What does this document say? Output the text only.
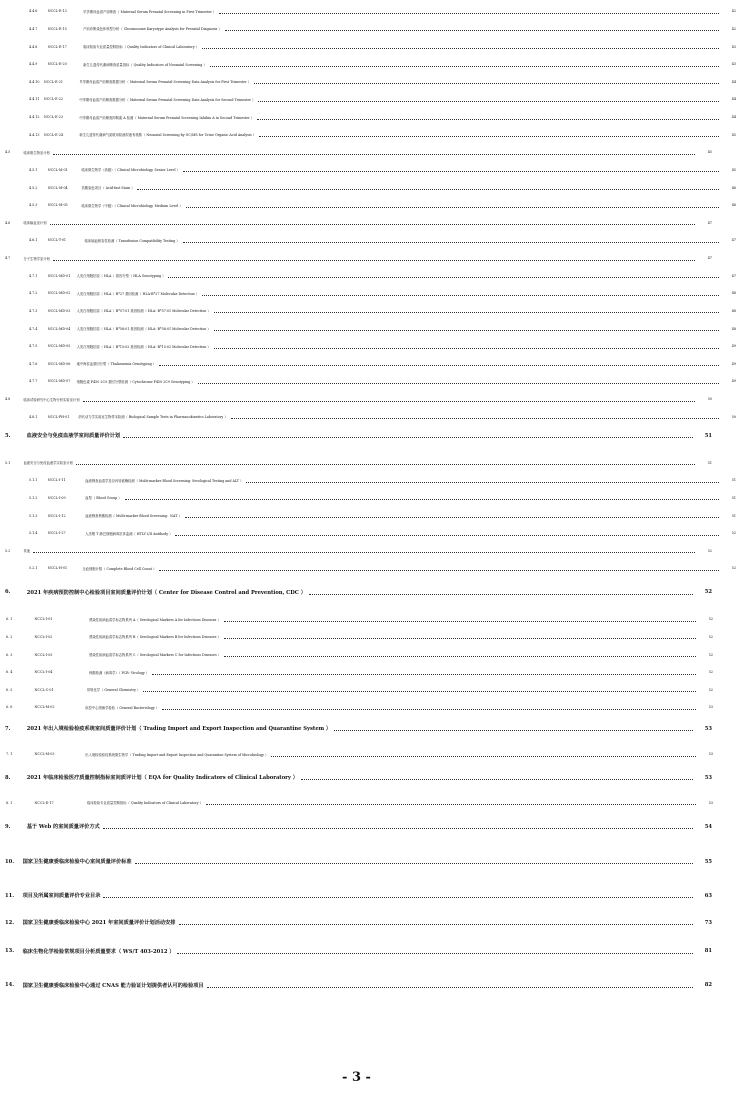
4.4.6	NCCL-E-13	早孕期母血清产前筛查（ Maternal Serum Prenatal Screening in First Trimester ）	42
4.4.7	NCCL-E-15	产前诊断染色体核型分析（ Chromosome Karyotype Analysis for Prenatal Diagnosis ）	42
4.4.8	NCCL-E-17	临床检验专业质量控制指标（ Quality Indicators of Clinical Laboratory ）	43
4.4.9	NCCL-E-20	新生儿遗传代谢病筛查质量指标（ Quality Indicators of Neonatal Screening ）	43
4.4.10 NCCL-E-21	早孕期母血清产前筛查数据分析（ Maternal Serum Prenatal Screening Data Analysis for First Trimester ）	44
4.4.11 NCCL-E-22	中孕期母血清产前筛查数据分析（ Maternal Serum Prenatal Screening Data Analysis for Second Trimester ）	44
4.4.12 NCCL-E-23	中孕期母血清产前筛查抑制素 A 检测（ Maternal Serum Prenatal Screening Inhibin A in Second Trimester ）	44
4.4.13 NCCL-E-24	新生儿遗传代谢病气质联用检测尿液有机酸（ Neonatal Screening by GC/MS for Urine Organic Acid Analysis ）	45
4.5	临床微生物室计划	45
4.5.1	NCCL-M-01	临床微生物学（高级）（ Clinical Microbiology, Senior Level ）	45
4.5.2	NCCL-M-04	抗酸染色项目（ Acid-fast Stain ）	46
4.5.3	NCCL-M-05	临床微生物学（中级）（ Clinical Microbiology, Medium Level ）	46
4.6	临床输血室计划	47
4.6.1	NCCL-T-01	临床输血相容性检测（ Transfusion Compatibility Testing ）	47
4.7	分子生物学室计划	47
4.7.1	NCCL-MD-01 人类白细胞抗原（ HLA ）基因分型（ HLA Genotyping ）	47
4.7.2	NCCL-MD-02 人类白细胞抗原（ HLA ）B*27 基因检测（ HLA-B*27 Molecular Detection ）	48
4.7.3	NCCL-MD-03 人类白细胞抗原（ HLA ）B*57:01 基因检测（ HLA- B*57:01 Molecular Detection ）	48
4.7.4	NCCL-MD-04 人类白细胞抗原（ HLA ）B*58:01 基因检测（ HLA- B*58:01 Molecular Detection ）	48
4.7.5	NCCL-MD-05 人类白细胞抗原（ HLA ）B*15:02 基因检测（ HLA- B*15:02 Molecular Detection ）	49
4.7.6	NCCL-MD-06 地中海贫血基因分型（ Thalassemia Genotyping ）	49
4.7.7	NCCL-MD-07 细胞色素 P450 2C9 基因分型检测（ Cytochrome P450 2C9 Genotyping ）	49
4.8	临床试验研究中心生物分析实验室计划	50
4.8.1	NCCL-PH-01	药代动力学实验室生物样本检测（ Biological Sample Tests in Pharmacokinetics Laboratory ）	50
5.	血液安全与免疫血液学室间质量评价计划	51
5.1	血液安全与免疫血液学实验室计划	51
5.1.1	NCCL-I-11	血液筛查血清学及谷丙转氨酶检测（ Multi-marker Blood Screening: Serological Testing and ALT ）	51
5.1.2	NCCL-I-09	血型（ Blood Group ）	51
5.1.3	NCCL-I-12	血液筛查核酸检测（ Multi-marker Blood Screening：NAT ）	51
5.1.4	NCCL-I-27	人类嗜 T 淋巴细胞病毒抗体监测（ HTLV I/II Antibody ）	52
5.2	其他	52
5.2.1	NCCL-H-01	全血细胞计数（ Complete Blood Cell Count ）	52
6.	2021 年疾病预防控制中心检验项目室间质量评价计划（ Center for Disease Control and Prevention, CDC ）	52
6. 1	NCCL-I-01	感染性疾病血清学标志物系列 A（ Serological Markers A for Infectious Diseases ）	52
6. 2	NCCL-I-02	感染性疾病血清学标志物系列 B（ Serological Markers B for Infectious Diseases ）	52
6. 3	NCCL-I-03	感染性疾病血清学标志物系列 C（ Serological Markers C for Infectious Diseases ）	52
6. 4	NCCL-I-04	核酸检测（病毒学）（ PCR- Virology ）	52
6. 5	NCCL-C-01	常规化学（ General Chemistry ）	52
6. 6	NCCL-M-02	疾控中心细菌学检验（ General Bacteriology ）	53
7.	2021 年出入境检验检疫系统室间质量评价计划（ Trading Import and Export Inspection and Quarantine System ）	53
7. 1	NCCL-M-03	出入境检验检疫系统微生物学（ Trading Import and Export Inspection and Quarantine System of Microbiology ）	53
8.	2021 年临床检验医疗质量控制指标室间质评计划（ EQA for Quality Indicators of Clinical Laboratory ）	53
8. 1	NCCL-E-17	临床检验专业质量控制指标（ Quality Indicators of Clinical Laboratory ）	53
9.	基于 Web 的室间质量评价方式	54
10. 国家卫生健康委临床检验中心室间质量评价标准	55
11. 项目及所属室间质量评价专业目录	63
12. 国家卫生健康委临床检验中心 2021 年室间质量评价计划活动安排	73
13. 临床生物化学检验常规项目分析质量要求（ WS/T 403-2012 ）	81
14. 国家卫生健康委临床检验中心通过 CNAS 能力验证计划提供者认可的检验项目	82
- 3 -
